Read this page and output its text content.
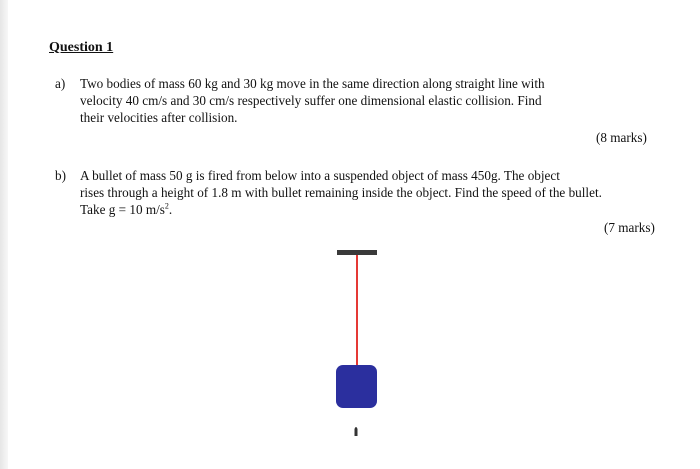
Question 1
a) Two bodies of mass 60 kg and 30 kg move in the same direction along straight line with
velocity 40 cm/s and 30 cm/s respectively suffer one dimensional elastic collision. Find
their velocities after collision.
(8 marks)
b) A bullet of mass 50 g is fired from below into a suspended object of mass 450g. The object
rises through a height of 1.8 m with bullet remaining inside the object. Find the speed of the bullet.
Take g = 10 $m/s^2$.
(7 marks)
